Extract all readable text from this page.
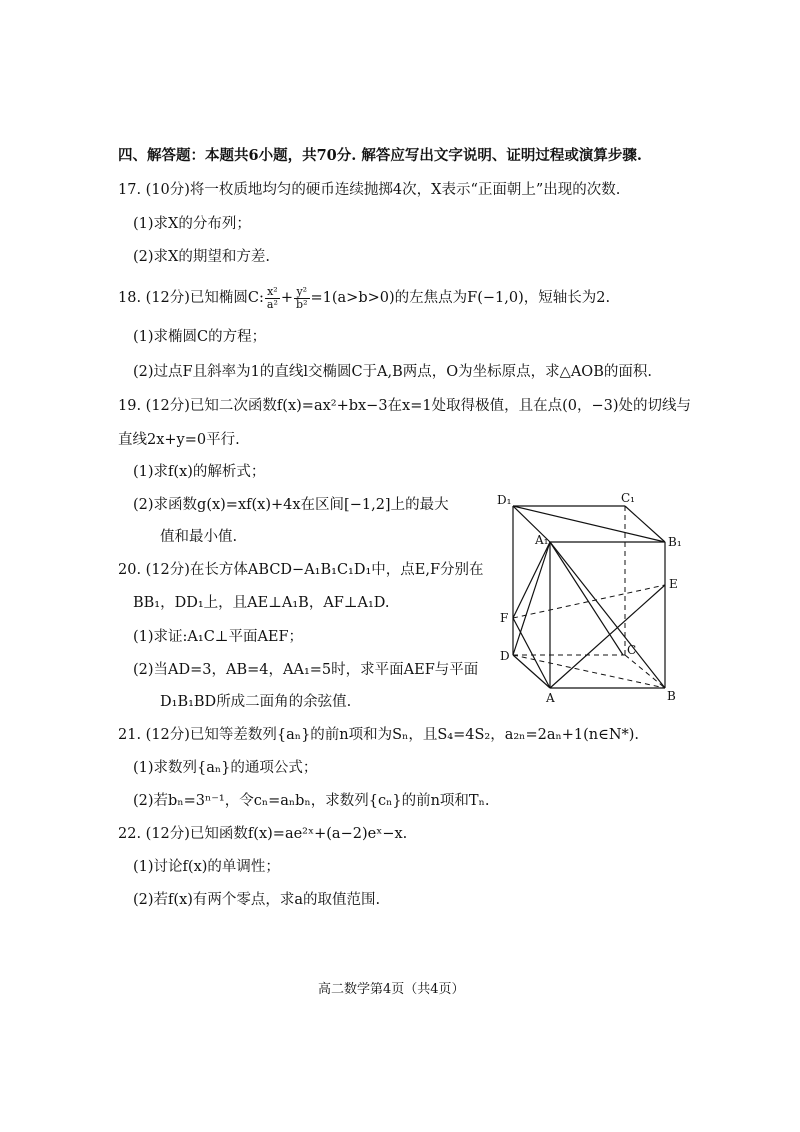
四、解答题：本题共6小题，共70分. 解答应写出文字说明、证明过程或演算步骤.
17. (10分)将一枚质地均匀的硬币连续抛掷4次，X表示“正面朝上”出现的次数.
(1)求X的分布列；
(2)求X的期望和方差.
18. (12分)已知椭圆C: $\frac{\text{x²}}{\text{a²}} + \frac{\text{y²}}{\text{b²}} =1(a>b>0)$的左焦点为F(−1,0)，短轴长为2.
(1)求椭圆C的方程；
(2)过点F且斜率为1的直线l交椭圆C于A,B两点，O为坐标原点，求△AOB的面积.
19. (12分)已知二次函数f(x)=ax²+bx−3在x=1处取得极值，且在点(0，−3)处的切线与
直线2x+y=0平行.
(1)求f(x)的解析式；
(2)求函数g(x)=xf(x)+4x在区间[−1,2]上的最大
值和最小值.
20. (12分)在长方体ABCD−A₁B₁C₁D₁中，点E,F分别在
BB₁，DD₁上，且AE⊥A₁B，AF⊥A₁D.
(1)求证:A₁C⊥平面AEF；
(2)当AD=3，AB=4，AA₁=5时，求平面AEF与平面
D₁B₁BD所成二面角的余弦值.
D₁	C₁
A₁	B₁
E
F
D	C
A	B
21. (12分)已知等差数列{aₙ}的前n项和为Sₙ，且S₄=4S₂，a₂ₙ=2aₙ+1(n∈N*).
(1)求数列{aₙ}的通项公式；
(2)若bₙ=3ⁿ⁻¹，令cₙ=aₙbₙ，求数列{cₙ}的前n项和Tₙ.
22. (12分)已知函数f(x)=ae²ˣ+(a−2)eˣ−x.
(1)讨论f(x)的单调性；
(2)若f(x)有两个零点，求a的取值范围.
高二数学第4页（共4页）
